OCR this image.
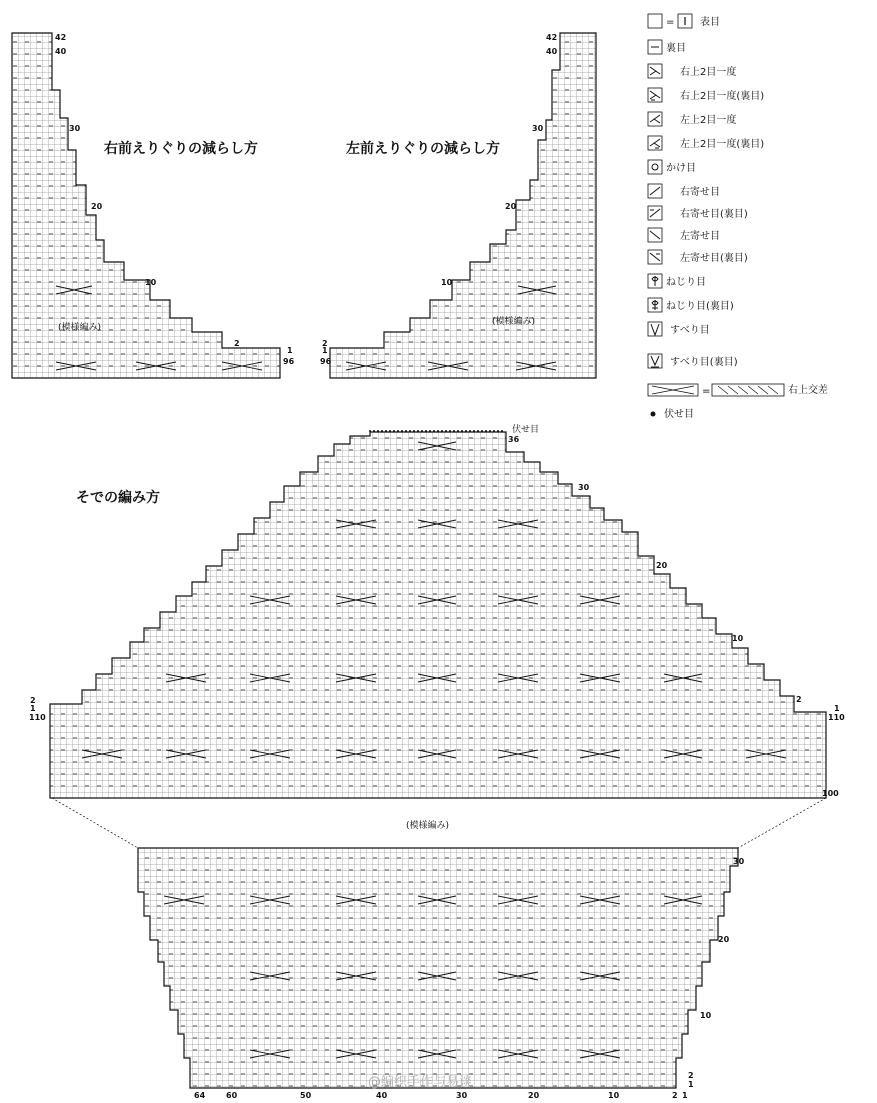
42
40
30
20
10
2
1
96
右前えりぐりの減らし方
(模様編み)
42
40
30
20
10
2
1
96
左前えりぐりの減らし方
(模様編み)
=	表目
裏目
右上2目一度
右上2目一度(裏目)
左上2目一度
左上2目一度(裏目)
かけ目
右寄せ目
右寄せ目(裏目)
左寄せ目
左寄せ目(裏目)
ねじり目
ねじり目(裏目)
すべり目
すべり目(裏目)
=	右上交差
伏せ目
伏せ目
36
30
20
10
2
1
2
1
110	110
100
そでの編み方
(模様編み)
30
20
10
2
1
64	60	50	40	30	20	10	2 1
@编织手作与易谈
